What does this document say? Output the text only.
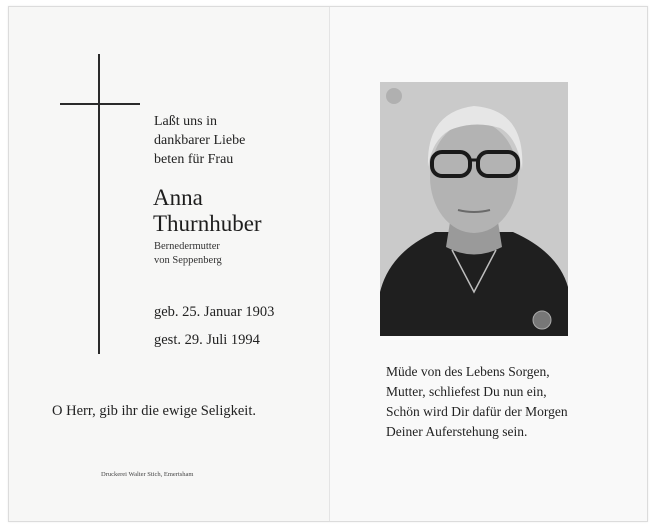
Laßt uns in
dankbarer Liebe
beten für Frau
Anna
Thurnhuber
Bernedermutter
von Seppenberg
geb. 25. Januar 1903
gest. 29. Juli 1994
O Herr, gib ihr die ewige Seligkeit.
Druckerei Walter Stich, Emertsham
Müde von des Lebens Sorgen,
Mutter, schliefest Du nun ein,
Schön wird Dir dafür der Morgen
Deiner Auferstehung sein.
